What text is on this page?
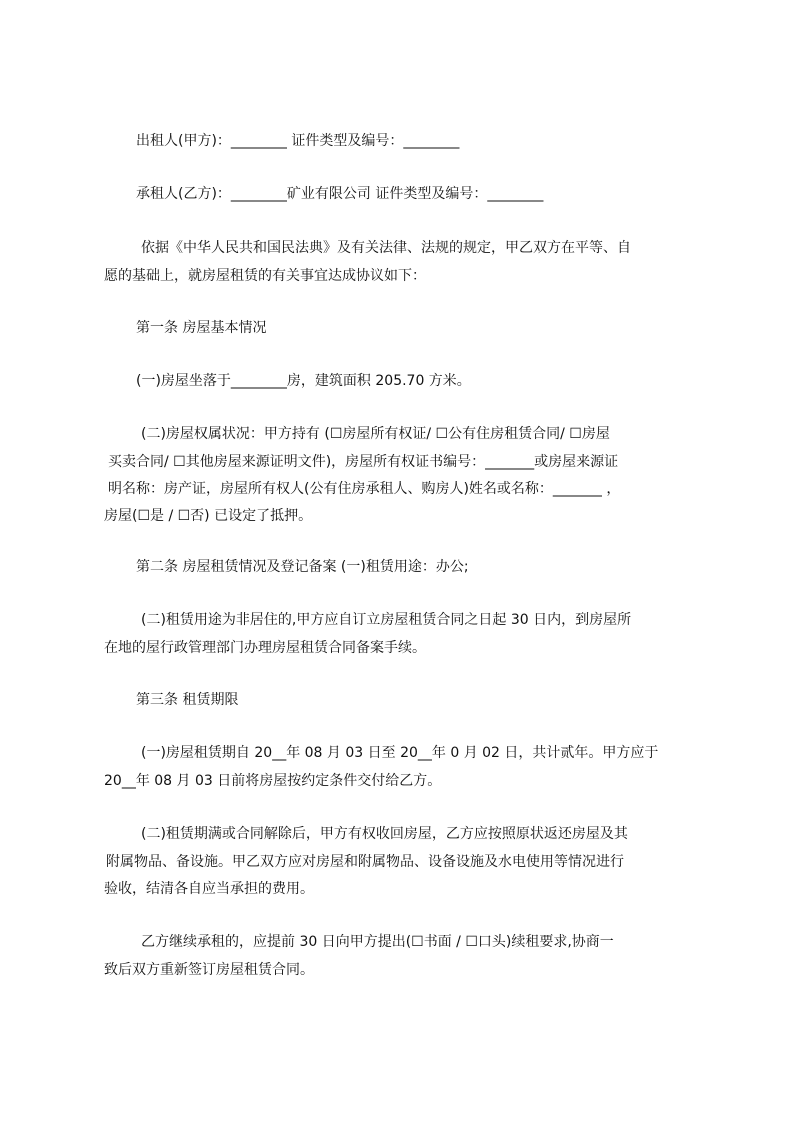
出租人(甲方)：________ 证件类型及编号：________
承租人(乙方)：________矿业有限公司 证件类型及编号：________
依据《中华人民共和国民法典》及有关法律、法规的规定，甲乙双方在平等、自
愿的基础上，就房屋租赁的有关事宜达成协议如下：
第一条 房屋基本情况
(一)房屋坐落于________房，建筑面积 205.70 方米。
(二)房屋权属状况：甲方持有 (☐房屋所有权证/ ☐公有住房租赁合同/ ☐房屋
买卖合同/ ☐其他房屋来源证明文件)，房屋所有权证书编号：_______或房屋来源证
明名称：房产证，房屋所有权人(公有住房承租人、购房人)姓名或名称：_______ ，
房屋(☐是 / ☐否) 已设定了抵押。
第二条 房屋租赁情况及登记备案 (一)租赁用途：办公;
(二)租赁用途为非居住的,甲方应自订立房屋租赁合同之日起 30 日内，到房屋所
在地的屋行政管理部门办理房屋租赁合同备案手续。
第三条 租赁期限
(一)房屋租赁期自 20__年 08 月 03 日至 20__年 0 月 02 日，共计贰年。甲方应于
20__年 08 月 03 日前将房屋按约定条件交付给乙方。
(二)租赁期满或合同解除后，甲方有权收回房屋，乙方应按照原状返还房屋及其
附属物品、备设施。甲乙双方应对房屋和附属物品、设备设施及水电使用等情况进行
验收，结清各自应当承担的费用。
乙方继续承租的，应提前 30 日向甲方提出(☐书面 / ☐口头)续租要求,协商一
致后双方重新签订房屋租赁合同。
